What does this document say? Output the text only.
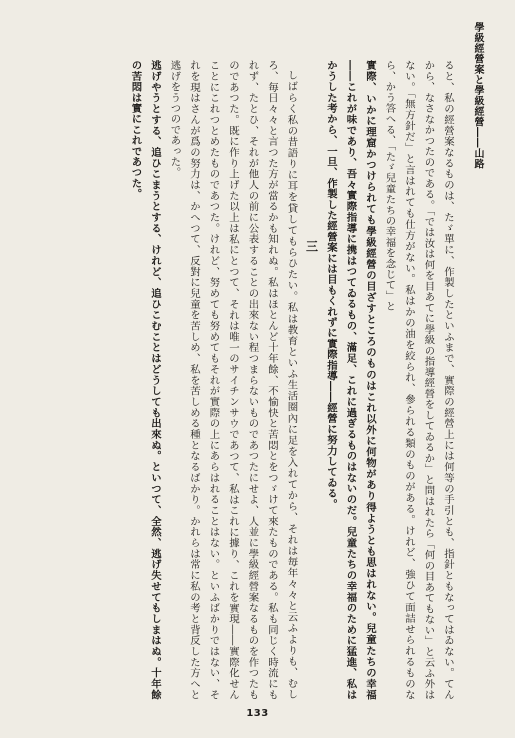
學級經營案と學級經營――山路

ると、私の經營案なるものは、たゞ單に、作製したといふまで、實際の經營上には何等の手引とも、指針ともなってはゐない。てんから、なさなかつたのである。「では汝は何を目あてに學級の指導經營をしてゐるか」と問はれたら「何の目あてもない」と云ふ外はない。「無方針だ」と言はれても仕方がない。私はかの油を絞られ、參られる類のものがある。けれど、強ひて面詰せられるものなら、かう答へる、「たゞ兒童たちの幸福を念じて」と

實際、いかに理窟かつけられても學級經營の目ざすところのものはこれ以外に何物があり得ようとも思はれない。兒童たちの幸福――これが味であり、吾々實際指導に携はつてゐるもの、滿足、これに過ぎるものはないのだ。兒童たちの幸福のために猛進、私はかうした考から、一旦、作製した經營案には目もくれずに實際指導――經營に努力してゐる。

三

しばらく私の昔語りに耳を貸してもらひたい。私は教育といふ生活圈內に足を入れてから、それは毎年々々と云ふよりも、むしろ、毎日々々と言つた方が當るかも知れぬ。私はほとんど十年餘、不愉快と苦悶とをつゞけて來たものである。私も同じく時流にもれず、たとひ、それが他人の前に公表することの出來ない程つまらないものであつたにせよ、人並に學級經營案なるものを作つたものであつた。既に作り上げた以上は私にとつて、それは唯一のサイチンサウであつて、私はこれに據り、これを實現――實際化せんことにこれつとめたものであつた。けれど、努めても努めてもそれが實際の上にあらはれることはない。といふばかりではない、それを現はさんが爲の努力は、かへつて、反對に兒童を苦しめ、私を苦しめる種となるばかり。かれらは常に私の考と背反した方へと逃げをうつのであった。

逃げやうとする、追ひこまうとする、けれど、追ひこむことはどうしても出來ぬ。といつて、全然、逃げ失せてもしまはぬ。十年餘の苦悶は實にこれであつた。

133
